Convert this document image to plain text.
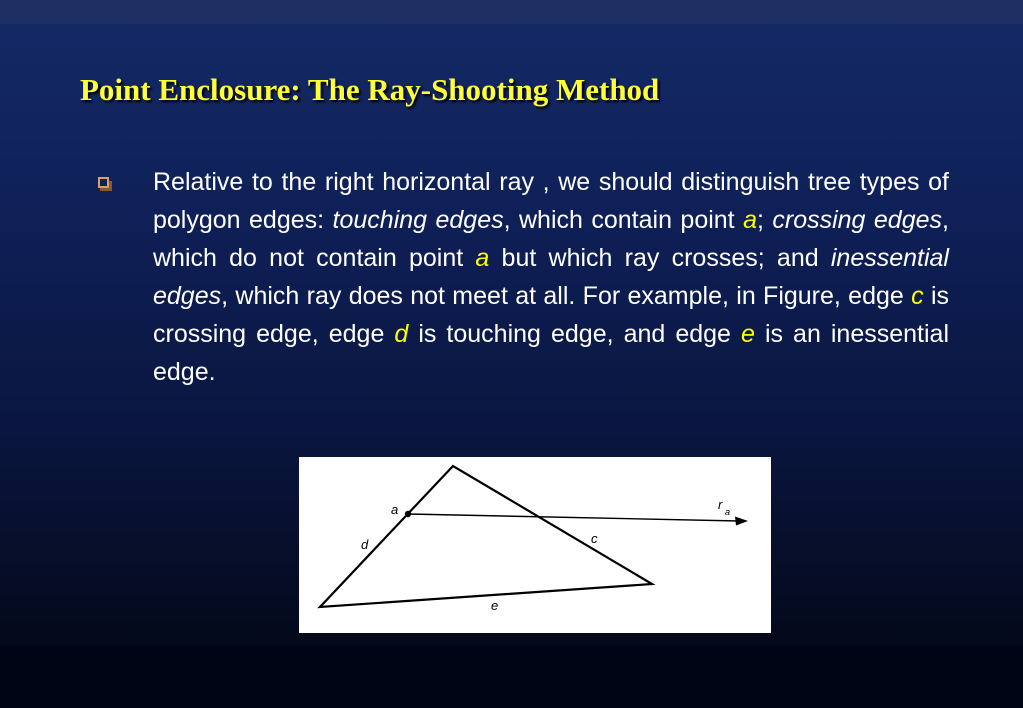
Point Enclosure: The Ray-Shooting Method

Relative to the right horizontal ray , we should distinguish tree types of polygon edges: touching edges, which contain point a; crossing edges, which do not contain point a but which ray crosses; and inessential edges, which ray does not meet at all. For example, in Figure, edge c is crossing edge, edge d is touching edge, and edge e is an inessential edge.

a
d	c
e
r a
